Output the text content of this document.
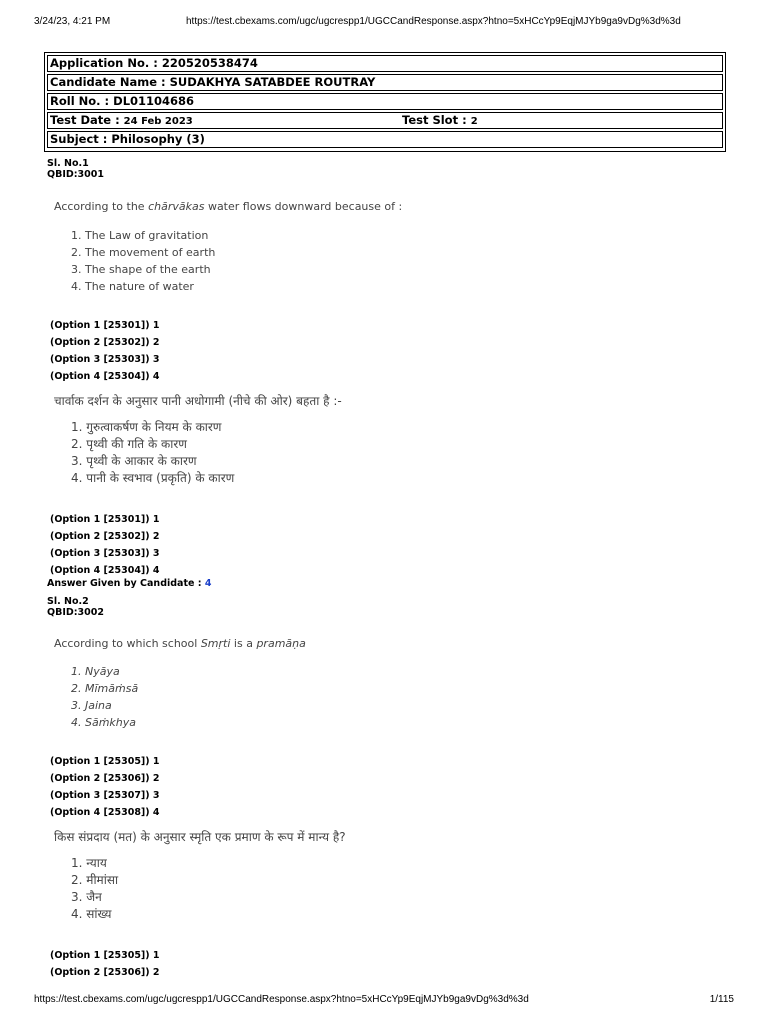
3/24/23, 4:21 PM	https://test.cbexams.com/ugc/ugcrespp1/UGCCandResponse.aspx?htno=5xHCcYp9EqjMJYb9ga9vDg%3d%3d
Application No. : 220520538474
Candidate Name : SUDAKHYA SATABDEE ROUTRAY
Roll No. : DL01104686
Test Date : 24 Feb 2023	Test Slot : 2
Subject : Philosophy (3)
Sl. No.1
QBID:3001
According to the chārvākas water flows downward because of :
1. The Law of gravitation
2. The movement of earth
3. The shape of the earth
4. The nature of water
(Option 1 [25301]) 1
(Option 2 [25302]) 2
(Option 3 [25303]) 3
(Option 4 [25304]) 4
चार्वाक दर्शन के अनुसार पानी अधोगामी (नीचे की ओर) बहता है :-
1. गुरुत्वाकर्षण के नियम के कारण
2. पृथ्वी की गति के कारण
3. पृथ्वी के आकार के कारण
4. पानी के स्वभाव (प्रकृति) के कारण
(Option 1 [25301]) 1
(Option 2 [25302]) 2
(Option 3 [25303]) 3
(Option 4 [25304]) 4
Answer Given by Candidate : 4
Sl. No.2
QBID:3002
According to which school Smṛti is a pramāṇa
1. Nyāya
2. Mīmāṁsā
3. Jaina
4. Sāṁkhya
(Option 1 [25305]) 1
(Option 2 [25306]) 2
(Option 3 [25307]) 3
(Option 4 [25308]) 4
किस संप्रदाय (मत) के अनुसार स्मृति एक प्रमाण के रूप में मान्य है?
1. न्याय
2. मीमांसा
3. जैन
4. सांख्य
(Option 1 [25305]) 1
(Option 2 [25306]) 2
https://test.cbexams.com/ugc/ugcrespp1/UGCCandResponse.aspx?htno=5xHCcYp9EqjMJYb9ga9vDg%3d%3d	1/115
